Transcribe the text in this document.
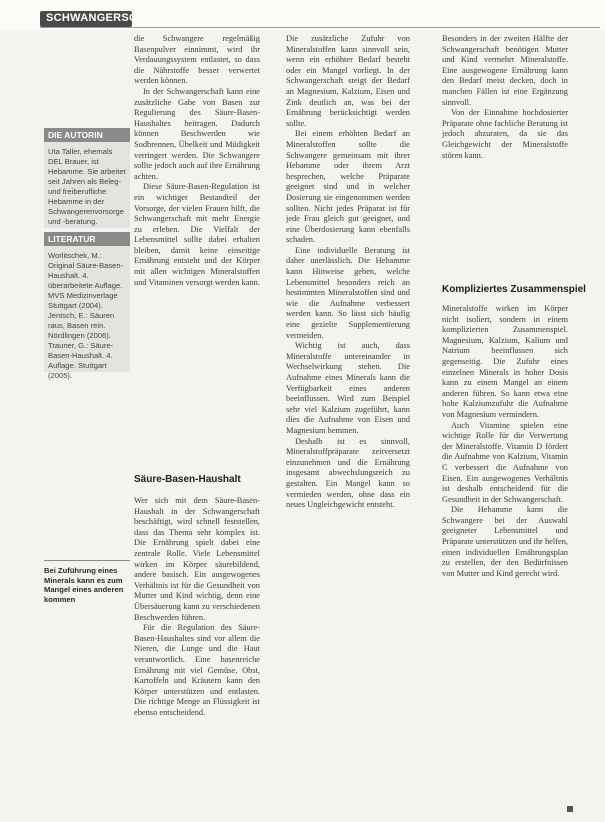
SCHWANGERSCHAFT
DIE AUTORIN
Uta Taller, ehemals DEL Brauer, ist Hebamme. Sie arbeitet seit Jahren als Beleg- und freiberufliche Hebamme in der Schwangerenvorsorge und -beratung.
LITERATUR
Worlitschek, M.: Original Säure-Basen-Haushalt. 4. überarbeitete Auflage. MVS Medizinverlage Stuttgart (2004). Jentsch, E.: Säuren raus, Basen rein. Nördlingen (2006). Trauner, G.: Säure-Basen-Haushalt. 4. Auflage. Stuttgart (2005).
Bei Zuführung eines Minerals kann es zum Mangel eines anderen kommen

die Schwangere regelmäßig Basenpulver einnimmt, wird ihr Verdauungssystem entlastet, so dass die Nährstoffe besser verwertet werden können.

In der Schwangerschaft kann eine zusätzliche Gabe von Basen zur Regulierung des Säure-Basen-Haushaltes beitragen. Dadurch können Beschwerden wie Sodbrennen, Übelkeit und Müdigkeit verringert werden. Die Schwangere sollte jedoch auch auf ihre Ernährung achten.

Diese Säure-Basen-Regulation ist ein wichtiger Bestandteil der Vorsorge, der vielen Frauen hilft, die Schwangerschaft mit mehr Energie zu erleben. Die Vielfalt der Lebensmittel sollte dabei erhalten bleiben, damit keine einseitige Ernährung entsteht und der Körper mit allen wichtigen Mineralstoffen und Vitaminen versorgt werden kann.

Säure-Basen-Haushalt

Wer sich mit dem Säure-Basen-Haushalt in der Schwangerschaft beschäftigt, wird schnell feststellen, dass das Thema sehr komplex ist. Die Ernährung spielt dabei eine zentrale Rolle. Viele Lebensmittel wirken im Körper säurebildend, andere basisch. Ein ausgewogenes Verhältnis ist für die Gesundheit von Mutter und Kind wichtig, denn eine Übersäuerung kann zu verschiedenen Beschwerden führen.

Für die Regulation des Säure-Basen-Haushaltes sind vor allem die Nieren, die Lunge und die Haut verantwortlich. Eine basenreiche Ernährung mit viel Gemüse, Obst, Kartoffeln und Kräutern kann den Körper unterstützen und entlasten. Die richtige Menge an Flüssigkeit ist ebenso entscheidend.

Die zusätzliche Zufuhr von Mineralstoffen kann sinnvoll sein, wenn ein erhöhter Bedarf besteht oder ein Mangel vorliegt. In der Schwangerschaft steigt der Bedarf an Magnesium, Kalzium, Eisen und Zink deutlich an, was bei der Ernährung berücksichtigt werden sollte.

Bei einem erhöhten Bedarf an Mineralstoffen sollte die Schwangere gemeinsam mit ihrer Hebamme oder ihrem Arzt besprechen, welche Präparate geeignet sind und in welcher Dosierung sie eingenommen werden sollten. Nicht jedes Präparat ist für jede Frau gleich gut geeignet, und eine Überdosierung kann ebenfalls schaden.

Eine individuelle Beratung ist daher unerlässlich. Die Hebamme kann Hinweise geben, welche Lebensmittel besonders reich an bestimmten Mineralstoffen sind und wie die Aufnahme verbessert werden kann. So lässt sich häufig eine gezielte Supplementierung vermeiden.

Wichtig ist auch, dass Mineralstoffe untereinander in Wechselwirkung stehen. Die Aufnahme eines Minerals kann die Verfügbarkeit eines anderen beeinflussen. Wird zum Beispiel sehr viel Kalzium zugeführt, kann dies die Aufnahme von Eisen und Magnesium hemmen.

Deshalb ist es sinnvoll, Mineralstoffpräparate zeitversetzt einzunehmen und die Ernährung insgesamt abwechslungsreich zu gestalten. Ein Mangel kann so vermieden werden, ohne dass ein neues Ungleichgewicht entsteht.

Besonders in der zweiten Hälfte der Schwangerschaft benötigen Mutter und Kind vermehrt Mineralstoffe. Eine ausgewogene Ernährung kann den Bedarf meist decken, doch in manchen Fällen ist eine Ergänzung sinnvoll.

Von der Einnahme hochdosierter Präparate ohne fachliche Beratung ist jedoch abzuraten, da sie das Gleichgewicht der Mineralstoffe stören kann.

Kompliziertes Zusammenspiel

Mineralstoffe wirken im Körper nicht isoliert, sondern in einem komplizierten Zusammenspiel. Magnesium, Kalzium, Kalium und Natrium beeinflussen sich gegenseitig. Die Zufuhr eines einzelnen Minerals in hoher Dosis kann zu einem Mangel an einem anderen führen. So kann etwa eine hohe Kalziumzufuhr die Aufnahme von Magnesium vermindern.

Auch Vitamine spielen eine wichtige Rolle für die Verwertung der Mineralstoffe. Vitamin D fördert die Aufnahme von Kalzium, Vitamin C verbessert die Aufnahme von Eisen. Ein ausgewogenes Verhältnis ist deshalb entscheidend für die Gesundheit in der Schwangerschaft.

Die Hebamme kann die Schwangere bei der Auswahl geeigneter Lebensmittel und Präparate unterstützen und ihr helfen, einen individuellen Ernährungsplan zu erstellen, der den Bedürfnissen von Mutter und Kind gerecht wird.
